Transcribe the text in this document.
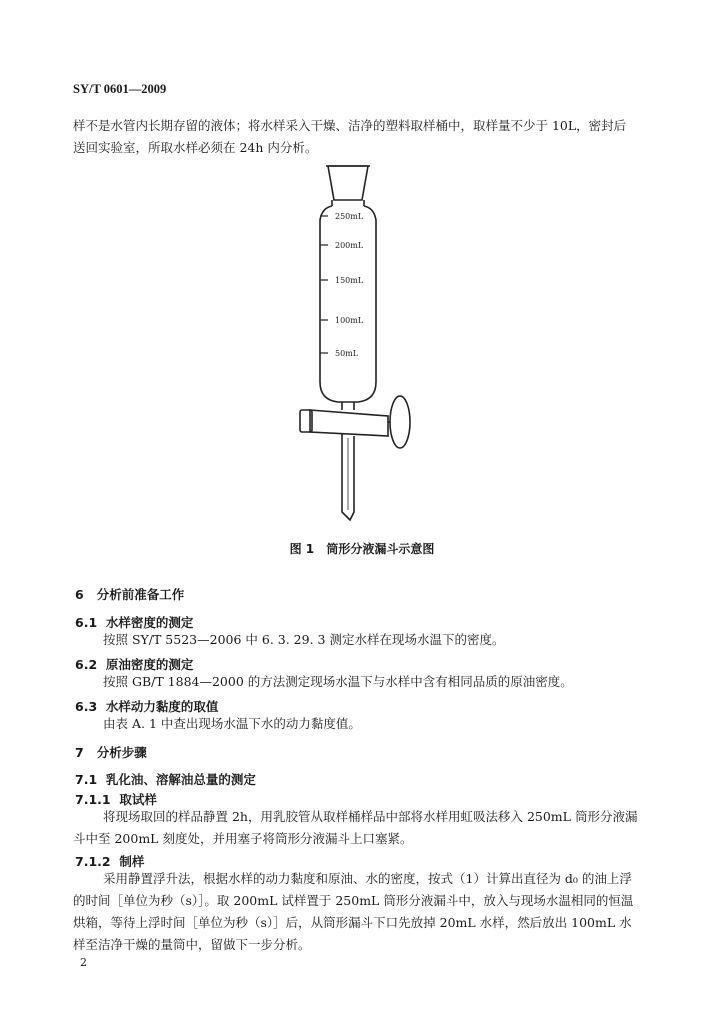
SY/T 0601—2009
样不是水管内长期存留的液体；将水样采入干燥、洁净的塑料取样桶中，取样量不少于 10L，密封后
送回实验室，所取水样必须在 24h 内分析。
250mL
200mL
150mL
100mL
50mL
图 1 筒形分液漏斗示意图
6 分析前准备工作
6.1 水样密度的测定
按照 SY/T 5523—2006 中 6. 3. 29. 3 测定水样在现场水温下的密度。
6.2 原油密度的测定
按照 GB/T 1884—2000 的方法测定现场水温下与水样中含有相同品质的原油密度。
6.3 水样动力黏度的取值
由表 A. 1 中查出现场水温下水的动力黏度值。
7 分析步骤
7.1 乳化油、溶解油总量的测定
7.1.1 取试样
将现场取回的样品静置 2h，用乳胶管从取样桶样品中部将水样用虹吸法移入 250mL 筒形分液漏
斗中至 200mL 刻度处，并用塞子将筒形分液漏斗上口塞紧。
7.1.2 制样
采用静置浮升法，根据水样的动力黏度和原油、水的密度，按式（1）计算出直径为 d₀ 的油上浮
的时间［单位为秒（s）］。取 200mL 试样置于 250mL 筒形分液漏斗中，放入与现场水温相同的恒温
烘箱，等待上浮时间［单位为秒（s）］后，从筒形漏斗下口先放掉 20mL 水样，然后放出 100mL 水
样至洁净干燥的量筒中，留做下一步分析。
2
